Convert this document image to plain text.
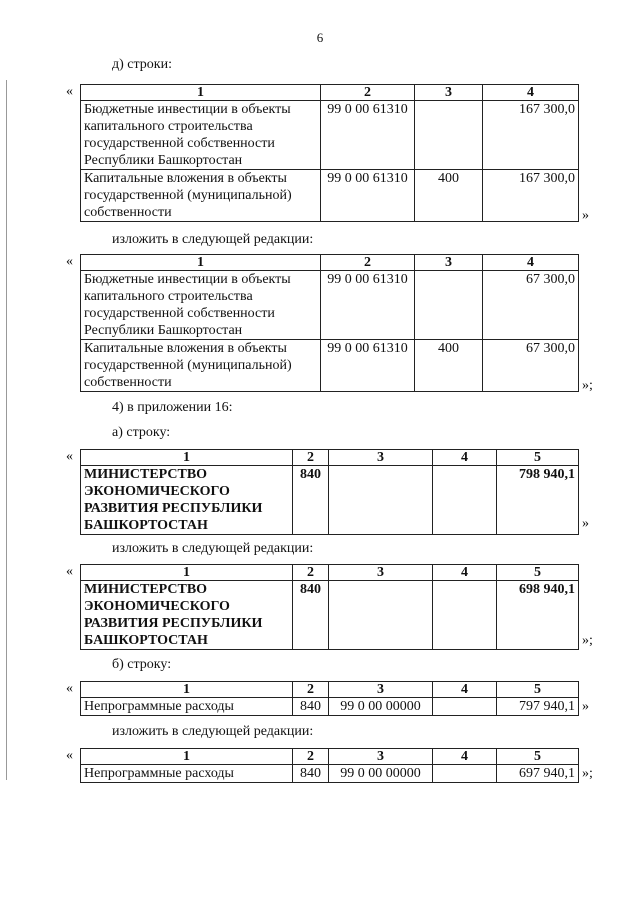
6
д) строки:
«	1	2	3	4
Бюджетные инвестиции в объекты капитального строительства государственной собственности Республики Башкортостан	99 0 00 61310		167 300,0
Капитальные вложения в объекты государственной (муниципальной) собственности	99 0 00 61310	400	167 300,0
»
изложить в следующей редакции:
«	1	2	3	4
Бюджетные инвестиции в объекты капитального строительства государственной собственности Республики Башкортостан	99 0 00 61310		67 300,0
Капитальные вложения в объекты государственной (муниципальной) собственности	99 0 00 61310	400	67 300,0
»;
4) в приложении 16:
а) строку:
«	1	2	3	4	5
МИНИСТЕРСТВО ЭКОНОМИЧЕСКОГО РАЗВИТИЯ РЕСПУБЛИКИ БАШКОРТОСТАН	840			798 940,1
»
изложить в следующей редакции:
«	1	2	3	4	5
МИНИСТЕРСТВО ЭКОНОМИЧЕСКОГО РАЗВИТИЯ РЕСПУБЛИКИ БАШКОРТОСТАН	840			698 940,1
»;
б) строку:
«	1	2	3	4	5
Непрограммные расходы	840	99 0 00 00000		797 940,1 »
изложить в следующей редакции:
«	1	2	3	4	5
Непрограммные расходы	840	99 0 00 00000		697 940,1 »;
